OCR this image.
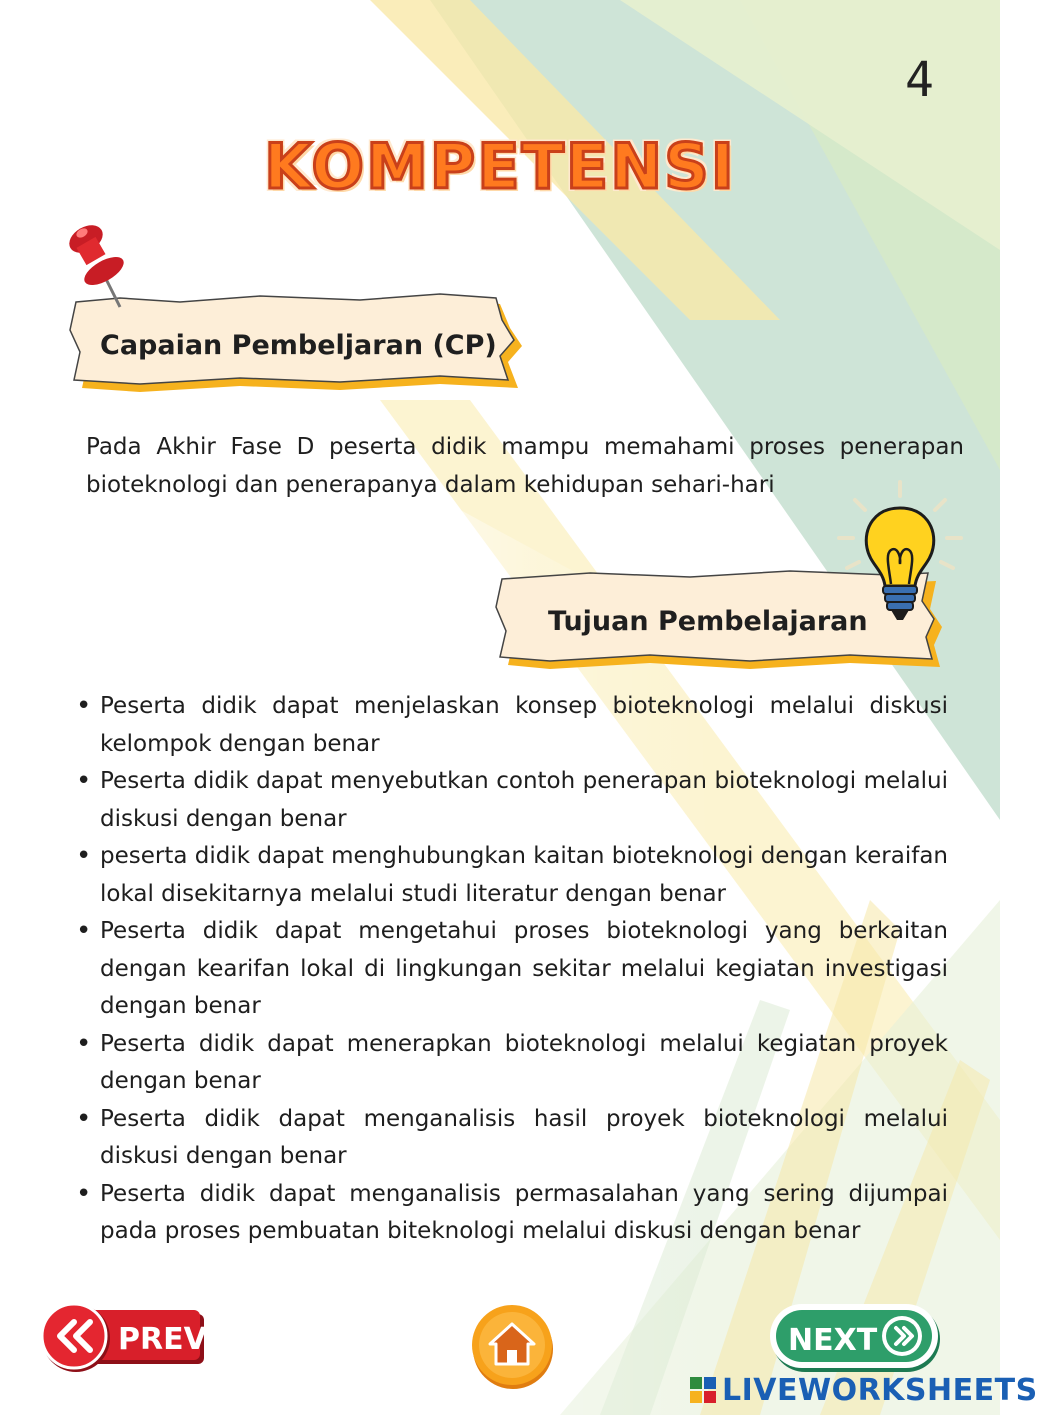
4
KOMPETENSI
Capaian Pembeljaran (CP)
Tujuan Pembelajaran
Pada Akhir Fase D peserta didik mampu memahami proses penerapan bioteknologi dan penerapanya dalam kehidupan sehari-hari
• Peserta didik dapat menjelaskan konsep bioteknologi melalui diskusi kelompok dengan benar
• Peserta didik dapat menyebutkan contoh penerapan bioteknologi melalui diskusi dengan benar
• peserta didik dapat menghubungkan kaitan bioteknologi dengan keraifan lokal disekitarnya melalui studi literatur dengan benar
• Peserta didik dapat mengetahui proses bioteknologi yang berkaitan dengan kearifan lokal di lingkungan sekitar melalui kegiatan investigasi dengan benar
• Peserta didik dapat menerapkan bioteknologi melalui kegiatan proyek dengan benar
• Peserta didik dapat menganalisis hasil proyek bioteknologi melalui diskusi dengan benar
• Peserta didik dapat menganalisis permasalahan yang sering dijumpai pada proses pembuatan biteknologi melalui diskusi dengan benar
PREV	NEXT
LIVEWORKSHEETS
